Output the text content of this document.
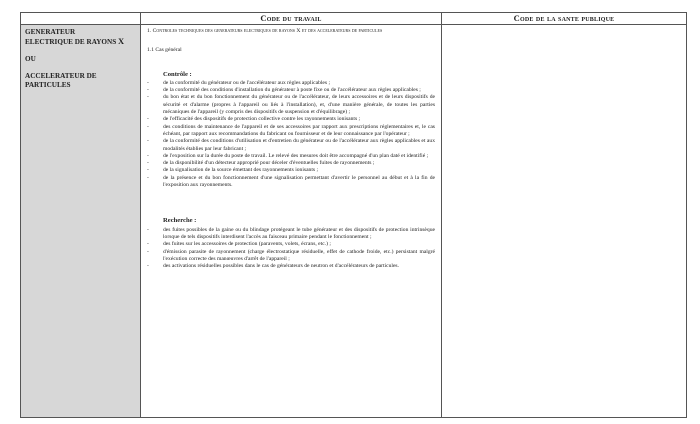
Code du travail	Code de la sante publique

GENERATEUR
ELECTRIQUE DE RAYONS X

OU

ACCELERATEUR DE
PARTICULES

1. Controles techniques des generateurs electriques de rayons X et des accelerateurs de particules
1.1 Cas général
Contrôle :
- de la conformité du générateur ou de l'accélérateur aux règles applicables ;
- de la conformité des conditions d'installation du générateur à poste fixe ou de l'accélérateur aux règles applicables ;
- du bon état et du bon fonctionnement du générateur ou de l'accélérateur, de leurs accessoires et de leurs dispositifs de sécurité et d'alarme (propres à l'appareil ou liés à l'installation), et, d'une manière générale, de toutes les parties mécaniques de l'appareil (y compris des dispositifs de suspension et d'équilibrage) ;
- de l'efficacité des dispositifs de protection collective contre les rayonnements ionisants ;
- des conditions de maintenance de l'appareil et de ses accessoires par rapport aux prescriptions réglementaires et, le cas échéant, par rapport aux recommandations du fabricant ou fournisseur et de leur connaissance par l'opérateur ;
- de la conformité des conditions d'utilisation et d'entretien du générateur ou de l'accélérateur aux règles applicables et aux modalités établies par leur fabricant ;
- de l'exposition sur la durée du poste de travail. Le relevé des mesures doit être accompagné d'un plan daté et identifié ;
- de la disponibilité d'un détecteur approprié pour déceler d'éventuelles fuites de rayonnements ;
- de la signalisation de la source émettant des rayonnements ionisants ;
- de la présence et du bon fonctionnement d'une signalisation permettant d'avertir le personnel au début et à la fin de l'exposition aux rayonnements.
Recherche :
- des fuites possibles de la gaine ou du blindage protégeant le tube générateur et des dispositifs de protection intrinsèque lorsque de tels dispositifs interdisent l'accès au faisceau primaire pendant le fonctionnement ;
- des fuites sur les accessoires de protection (paravents, volets, écrans, etc.) ;
- d'émission parasite de rayonnement (charge électrostatique résiduelle, effet de cathode froide, etc.) persistant malgré l'exécution correcte des manœuvres d'arrêt de l'appareil ;
- des activations résiduelles possibles dans le cas de générateurs de neutron et d'accélérateurs de particules.
